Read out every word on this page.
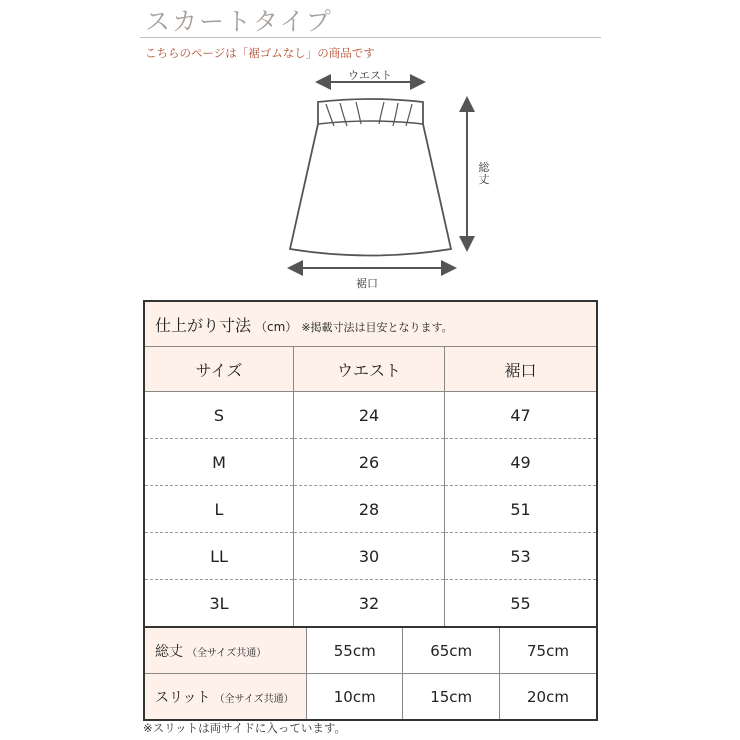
スカートタイプ
こちらのページは「裾ゴムなし」の商品です
ウエスト
裾口
総丈
仕上がり寸法 （cm） ※掲載寸法は目安となります。		
サイズ	ウエスト	裾口
S	24	47
M	26	49
L	28	51
LL	30	53
3L	32	55
総丈 （全サイズ共通）	55cm	65cm	75cm
スリット （全サイズ共通）	10cm	15cm	20cm
※スリットは両サイドに入っています。
